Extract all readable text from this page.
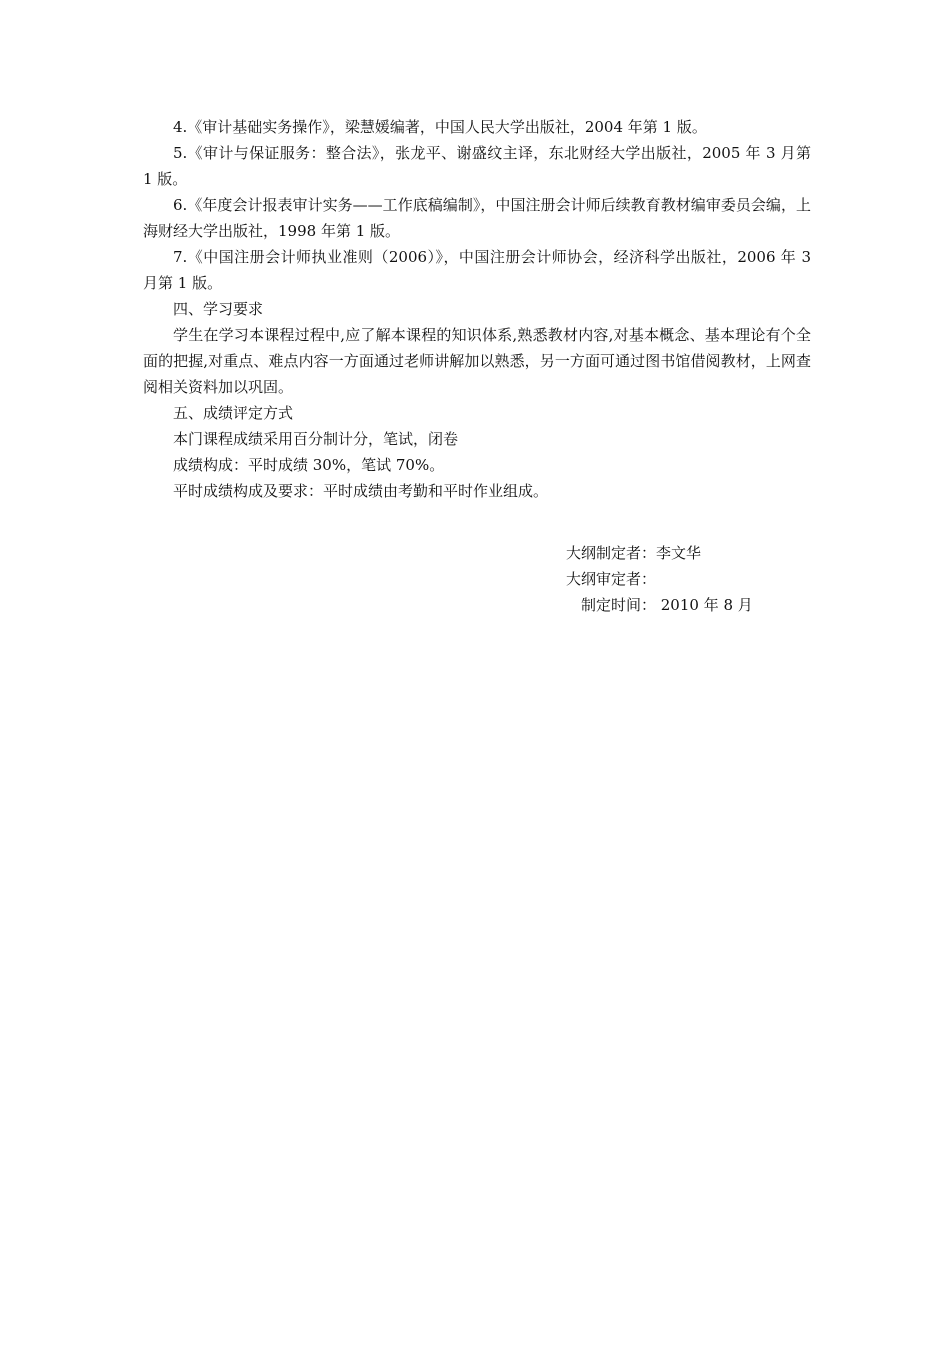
4.《审计基础实务操作》，梁慧媛编著，中国人民大学出版社，2004 年第 1 版。

5.《审计与保证服务：整合法》，张龙平、谢盛纹主译，东北财经大学出版社，2005 年 3 月第 1 版。

6.《年度会计报表审计实务——工作底稿编制》，中国注册会计师后续教育教材编审委员会编，上海财经大学出版社，1998 年第 1 版。

7.《中国注册会计师执业准则（2006）》，中国注册会计师协会，经济科学出版社，2006 年 3 月第 1 版。

四、学习要求

学生在学习本课程过程中,应了解本课程的知识体系,熟悉教材内容,对基本概念、基本理论有个全面的把握,对重点、难点内容一方面通过老师讲解加以熟悉，另一方面可通过图书馆借阅教材，上网查阅相关资料加以巩固。

五、成绩评定方式

本门课程成绩采用百分制计分，笔试，闭卷

成绩构成：平时成绩 30%，笔试 70%。

平时成绩构成及要求：平时成绩由考勤和平时作业组成。

大纲制定者：李文华

大纲审定者：

制定时间： 2010 年 8 月
